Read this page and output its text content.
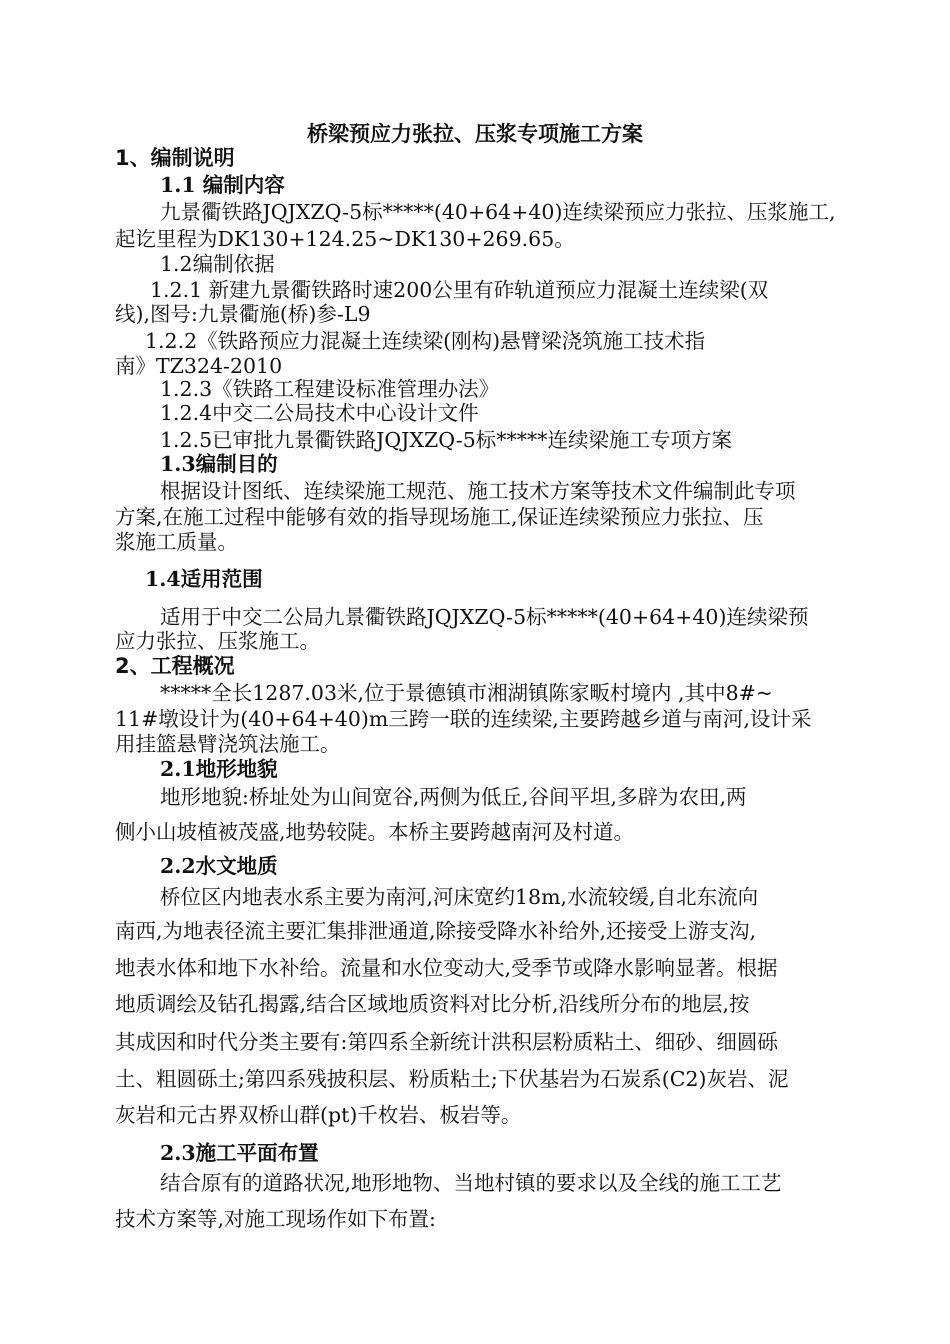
桥梁预应力张拉、压浆专项施工方案
1、编制说明
1.1 编制内容
九景衢铁路JQJXZQ-5标*****(40+64+40)连续梁预应力张拉、压浆施工,
起讫里程为DK130+124.25~DK130+269.65。
1.2编制依据
1.2.1 新建九景衢铁路时速200公里有砟轨道预应力混凝土连续梁(双
线),图号:九景衢施(桥)参-L9
1.2.2《铁路预应力混凝土连续梁(刚构)悬臂梁浇筑施工技术指
南》TZ324-2010
1.2.3《铁路工程建设标准管理办法》
1.2.4中交二公局技术中心设计文件
1.2.5已审批九景衢铁路JQJXZQ-5标*****连续梁施工专项方案
1.3编制目的
根据设计图纸、连续梁施工规范、施工技术方案等技术文件编制此专项
方案,在施工过程中能够有效的指导现场施工,保证连续梁预应力张拉、压
浆施工质量。
1.4适用范围
适用于中交二公局九景衢铁路JQJXZQ-5标*****(40+64+40)连续梁预
应力张拉、压浆施工。
2、工程概况
*****全长1287.03米,位于景德镇市湘湖镇陈家畈村境内 ,其中8#~
11#墩设计为(40+64+40)m三跨一联的连续梁,主要跨越乡道与南河,设计采
用挂篮悬臂浇筑法施工。
2.1地形地貌
地形地貌:桥址处为山间宽谷,两侧为低丘,谷间平坦,多辟为农田,两
侧小山坡植被茂盛,地势较陡。本桥主要跨越南河及村道。
2.2水文地质
桥位区内地表水系主要为南河,河床宽约18m,水流较缓,自北东流向
南西,为地表径流主要汇集排泄通道,除接受降水补给外,还接受上游支沟,
地表水体和地下水补给。流量和水位变动大,受季节或降水影响显著。根据
地质调绘及钻孔揭露,结合区域地质资料对比分析,沿线所分布的地层,按
其成因和时代分类主要有:第四系全新统计洪积层粉质粘土、细砂、细圆砾
土、粗圆砾土;第四系残披积层、粉质粘土;下伏基岩为石炭系(C2)灰岩、泥
灰岩和元古界双桥山群(pt)千枚岩、板岩等。
2.3施工平面布置
结合原有的道路状况,地形地物、当地村镇的要求以及全线的施工工艺
技术方案等,对施工现场作如下布置:
